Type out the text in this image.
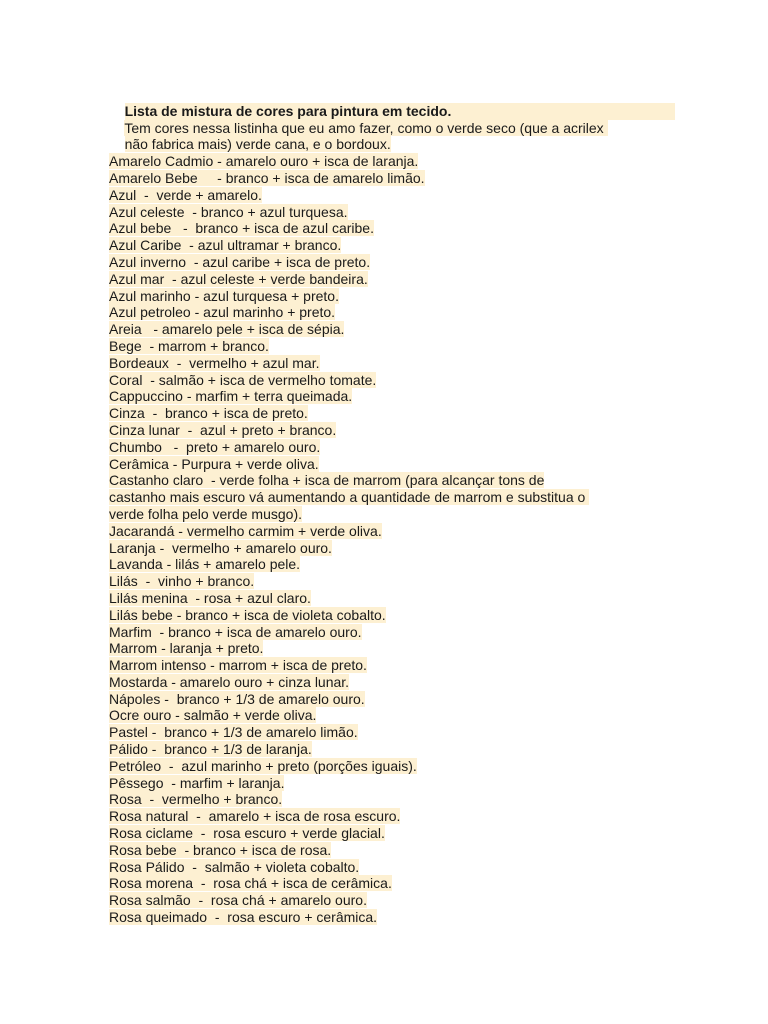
Lista de mistura de cores para pintura em tecido.

Tem cores nessa listinha que eu amo fazer, como o verde seco (que a acrilex

não fabrica mais) verde cana, e o bordoux.

Amarelo Cadmio - amarelo ouro + isca de laranja.
Amarelo Bebe     - branco + isca de amarelo limão.
Azul  -  verde + amarelo.
Azul celeste  - branco + azul turquesa.
Azul bebe   -  branco + isca de azul caribe.
Azul Caribe  - azul ultramar + branco.
Azul inverno  - azul caribe + isca de preto.
Azul mar  - azul celeste + verde bandeira.
Azul marinho - azul turquesa + preto.
Azul petroleo - azul marinho + preto.
Areia   - amarelo pele + isca de sépia.
Bege  - marrom + branco.
Bordeaux  -  vermelho + azul mar.
Coral  - salmão + isca de vermelho tomate.
Cappuccino - marfim + terra queimada.
Cinza  -  branco + isca de preto.
Cinza lunar  -  azul + preto + branco.
Chumbo   -  preto + amarelo ouro.
Cerâmica - Purpura + verde oliva.
Castanho claro  - verde folha + isca de marrom (para alcançar tons de
castanho mais escuro vá aumentando a quantidade de marrom e substitua o
verde folha pelo verde musgo).
Jacarandá - vermelho carmim + verde oliva.
Laranja -  vermelho + amarelo ouro.
Lavanda - lilás + amarelo pele.
Lilás  -  vinho + branco.
Lilás menina  - rosa + azul claro.
Lilás bebe - branco + isca de violeta cobalto.
Marfim  - branco + isca de amarelo ouro.
Marrom - laranja + preto.
Marrom intenso - marrom + isca de preto.
Mostarda - amarelo ouro + cinza lunar.
Nápoles -  branco + 1/3 de amarelo ouro.
Ocre ouro - salmão + verde oliva.
Pastel -  branco + 1/3 de amarelo limão.
Pálido -  branco + 1/3 de laranja.
Petróleo  -  azul marinho + preto (porções iguais).
Pêssego  - marfim + laranja.
Rosa  -  vermelho + branco.
Rosa natural  -  amarelo + isca de rosa escuro.
Rosa ciclame  -  rosa escuro + verde glacial.
Rosa bebe  - branco + isca de rosa.
Rosa Pálido  -  salmão + violeta cobalto.
Rosa morena  -  rosa chá + isca de cerâmica.
Rosa salmão  -  rosa chá + amarelo ouro.
Rosa queimado  -  rosa escuro + cerâmica.
